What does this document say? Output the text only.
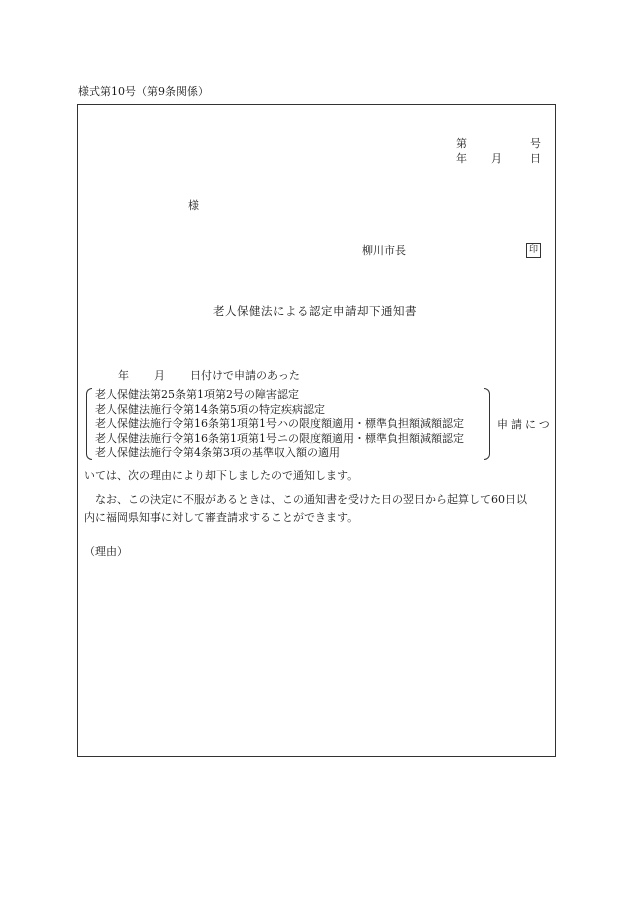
様式第10号（第9条関係）
第	号
年 月	日
様
柳川市長	印
老人保健法による認定申請却下通知書
年 月 日付けで申請のあった
老人保健法第25条第1項第2号の障害認定
老人保健法施行令第14条第5項の特定疾病認定
老人保健法施行令第16条第1項第1号ハの限度額適用・標準負担額減額認定
老人保健法施行令第16条第1項第1号ニの限度額適用・標準負担額減額認定
老人保健法施行令第4条第3項の基準収入額の適用
申請につ
いては、次の理由により却下しましたので通知します。
なお、この決定に不服があるときは、この通知書を受けた日の翌日から起算して60日以
内に福岡県知事に対して審査請求することができます。
（理由）
